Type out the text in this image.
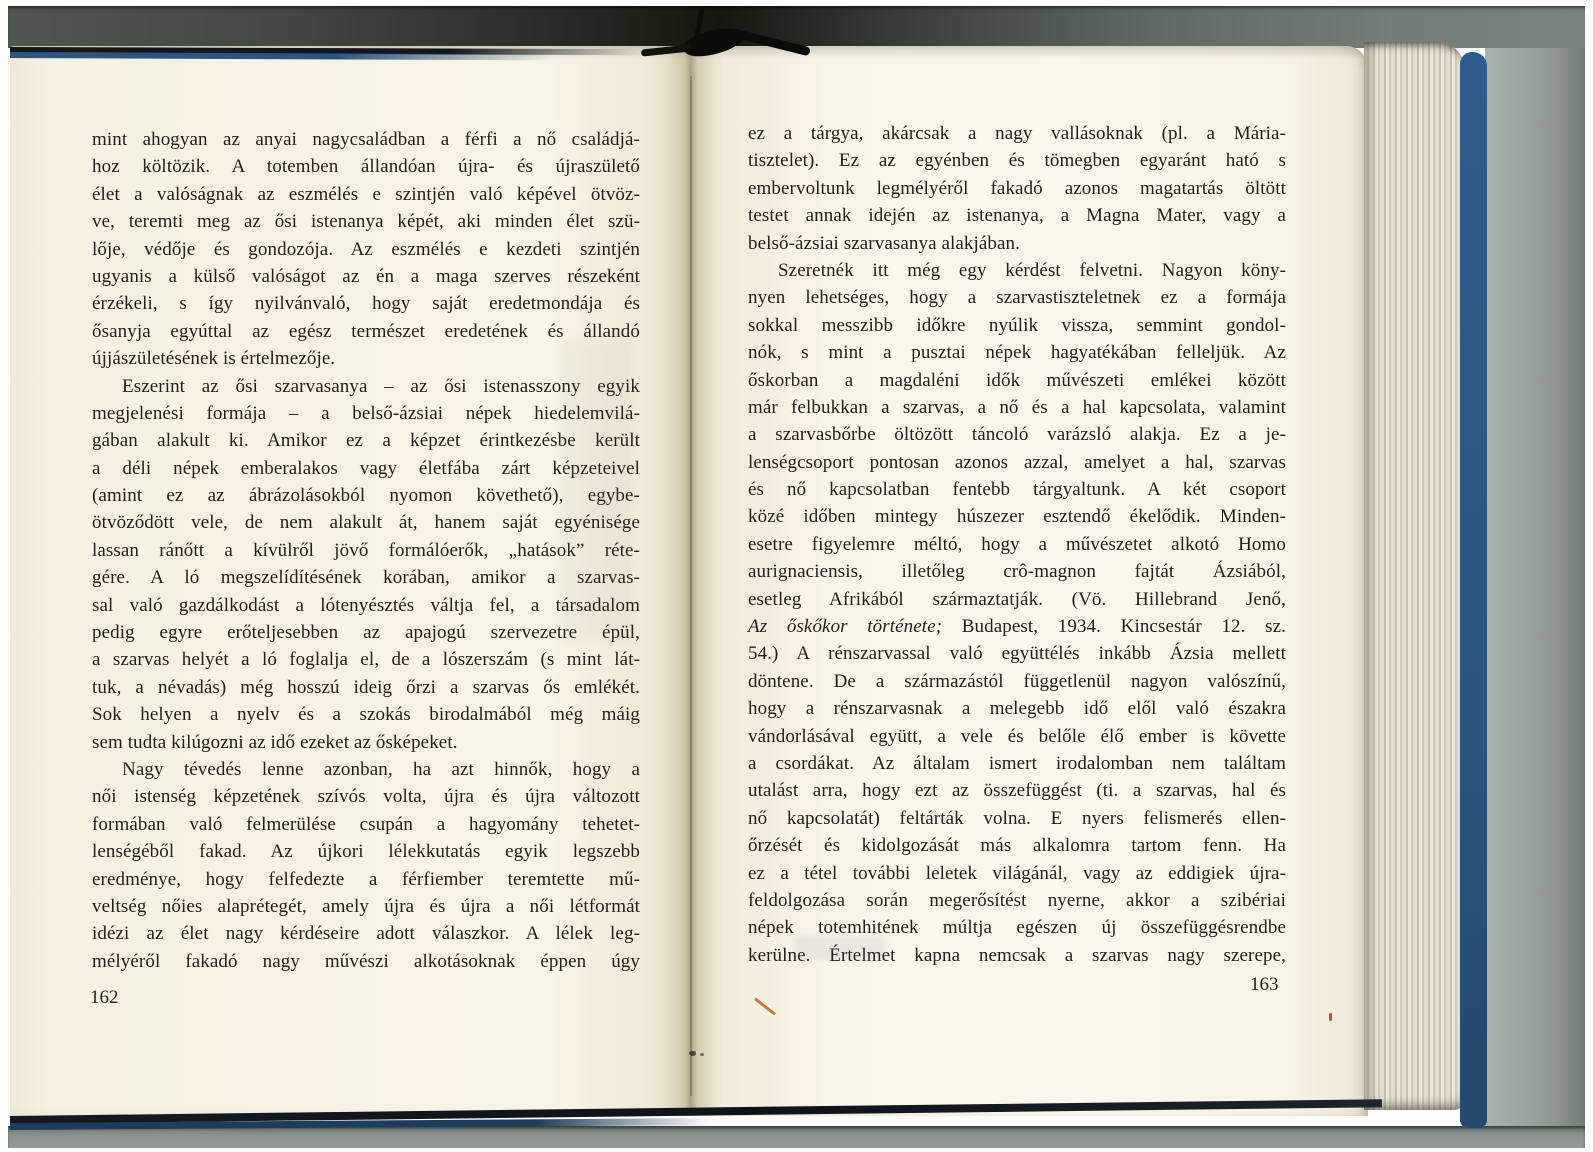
mint ahogyan az anyai nagycsaládban a férfi a nő családjá-
hoz költözik. A totemben állandóan újra- és újraszülető
élet a valóságnak az eszmélés e szintjén való képével ötvöz-
ve, teremti meg az ősi istenanya képét, aki minden élet szü-
lője, védője és gondozója. Az eszmélés e kezdeti szintjén
ugyanis a külső valóságot az én a maga szerves részeként
érzékeli, s így nyilvánvaló, hogy saját eredetmondája és
ősanyja egyúttal az egész természet eredetének és állandó
újjászületésének is értelmezője.
Eszerint az ősi szarvasanya – az ősi istenasszony egyik
megjelenési formája – a belső-ázsiai népek hiedelemvilá-
gában alakult ki. Amikor ez a képzet érintkezésbe került
a déli népek emberalakos vagy életfába zárt képzeteivel
(amint ez az ábrázolásokból nyomon követhető), egybe-
ötvöződött vele, de nem alakult át, hanem saját egyénisége
lassan ránőtt a kívülről jövő formálóerők, „hatások” réte-
gére. A ló megszelídítésének korában, amikor a szarvas-
sal való gazdálkodást a lótenyésztés váltja fel, a társadalom
pedig egyre erőteljesebben az apajogú szervezetre épül,
a szarvas helyét a ló foglalja el, de a lószerszám (s mint lát-
tuk, a névadás) még hosszú ideig őrzi a szarvas ős emlékét.
Sok helyen a nyelv és a szokás birodalmából még máig
sem tudta kilúgozni az idő ezeket az ősképeket.
Nagy tévedés lenne azonban, ha azt hinnők, hogy a
női istenség képzetének szívós volta, újra és újra változott
formában való felmerülése csupán a hagyomány tehetet-
lenségéből fakad. Az újkori lélekkutatás egyik legszebb
eredménye, hogy felfedezte a férfiember teremtette mű-
veltség nőies alaprétegét, amely újra és újra a női létformát
idézi az élet nagy kérdéseire adott válaszkor. A lélek leg-
mélyéről fakadó nagy művészi alkotásoknak éppen úgy
ez a tárgya, akárcsak a nagy vallásoknak (pl. a Mária-
tisztelet). Ez az egyénben és tömegben egyaránt ható s
embervoltunk legmélyéről fakadó azonos magatartás öltött
testet annak idején az istenanya, a Magna Mater, vagy a
belső-ázsiai szarvasanya alakjában.
Szeretnék itt még egy kérdést felvetni. Nagyon köny-
nyen lehetséges, hogy a szarvastiszteletnek ez a formája
sokkal messzibb időkre nyúlik vissza, semmint gondol-
nók, s mint a pusztai népek hagyatékában felleljük. Az
őskorban a magdaléni idők művészeti emlékei között
már felbukkan a szarvas, a nő és a hal kapcsolata, valamint
a szarvasbőrbe öltözött táncoló varázsló alakja. Ez a je-
lenségcsoport pontosan azonos azzal, amelyet a hal, szarvas
és nő kapcsolatban fentebb tárgyaltunk. A két csoport
közé időben mintegy húszezer esztendő ékelődik. Minden-
esetre figyelemre méltó, hogy a művészetet alkotó Homo
aurignaciensis, illetőleg crô-magnon fajtát Ázsiából,
esetleg Afrikából származtatják. (Vö. Hillebrand Jenő,
Az őskőkor története; Budapest, 1934. Kincsestár 12. sz.
54.) A rénszarvassal való együttélés inkább Ázsia mellett
döntene. De a származástól függetlenül nagyon valószínű,
hogy a rénszarvasnak a melegebb idő elől való északra
vándorlásával együtt, a vele és belőle élő ember is követte
a csordákat. Az általam ismert irodalomban nem találtam
utalást arra, hogy ezt az összefüggést (ti. a szarvas, hal és
nő kapcsolatát) feltárták volna. E nyers felismerés ellen-
őrzését és kidolgozását más alkalomra tartom fenn. Ha
ez a tétel további leletek világánál, vagy az eddigiek újra-
feldolgozása során megerősítést nyerne, akkor a szibériai
népek totemhitének múltja egészen új összefüggésrendbe
kerülne. Értelmet kapna nemcsak a szarvas nagy szerepe,
162
163
